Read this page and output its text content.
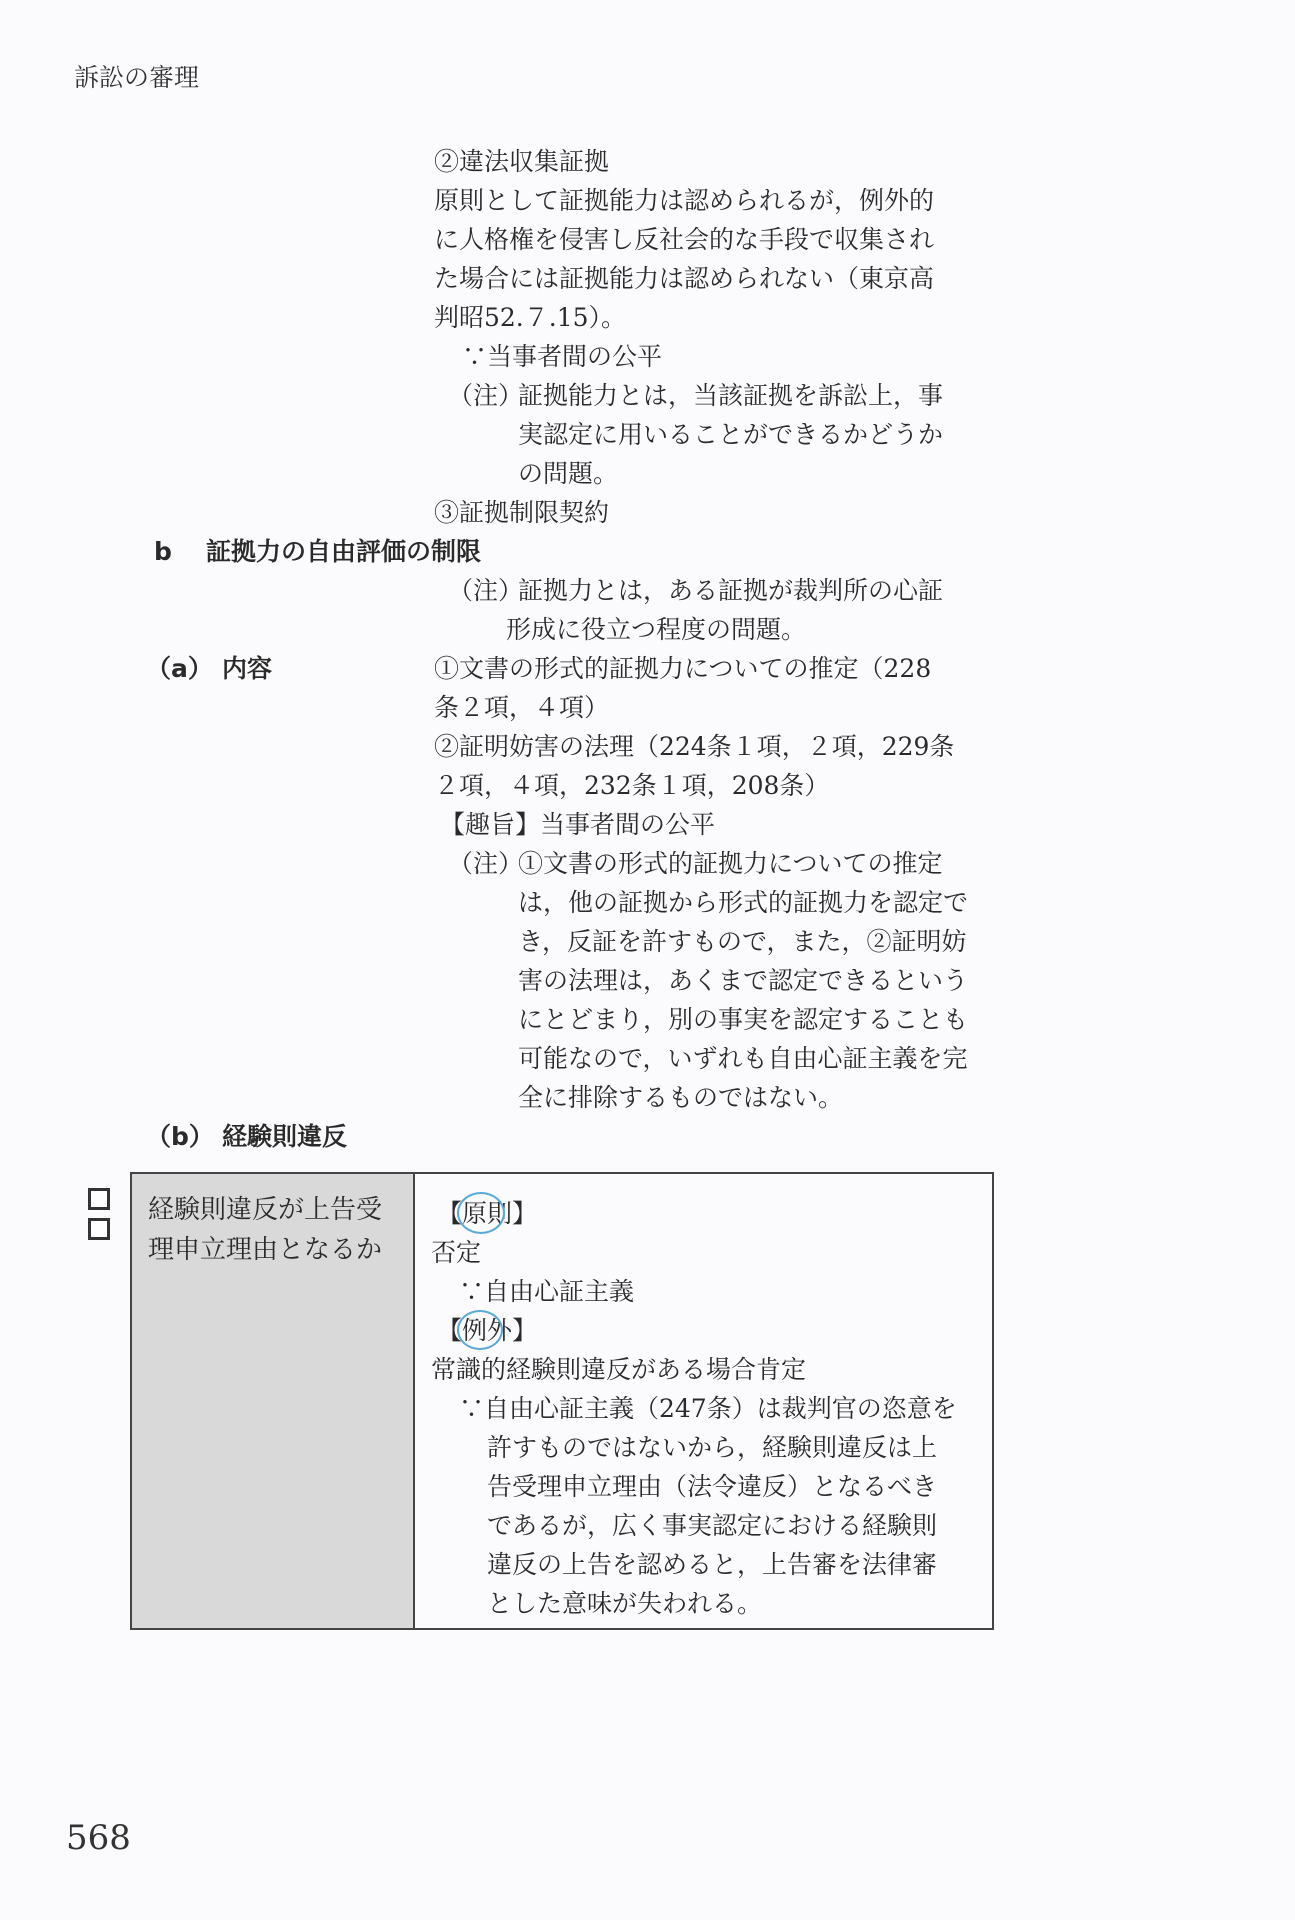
訴訟の審理
②違法収集証拠
原則として証拠能力は認められるが，例外的
に人格権を侵害し反社会的な手段で収集され
た場合には証拠能力は認められない（東京高
判昭52.７.15）。
∵当事者間の公平
（注）
証拠能力とは，当該証拠を訴訟上，事
実認定に用いることができるかどうか
の問題。
③証拠制限契約
b 証拠力の自由評価の制限
（注）
証拠力とは，ある証拠が裁判所の心証
形成に役立つ程度の問題。
（a） 内容	①文書の形式的証拠力についての推定（228
条２項，４項）
②証明妨害の法理（224条１項，２項，229条
２項，４項，232条１項，208条）
【趣旨】当事者間の公平
（注）
①文書の形式的証拠力についての推定
は，他の証拠から形式的証拠力を認定で
き，反証を許すもので，また，②証明妨
害の法理は，あくまで認定できるという
にとどまり，別の事実を認定することも
可能なので，いずれも自由心証主義を完
全に排除するものではない。
（b） 経験則違反
経験則違反が上告受
理申立理由となるか
【原則】
否定
∵自由心証主義
【例外】
常識的経験則違反がある場合肯定
∵自由心証主義（247条）は裁判官の恣意を
許すものではないから，経験則違反は上
告受理申立理由（法令違反）となるべき
であるが，広く事実認定における経験則
違反の上告を認めると，上告審を法律審
とした意味が失われる。
568
